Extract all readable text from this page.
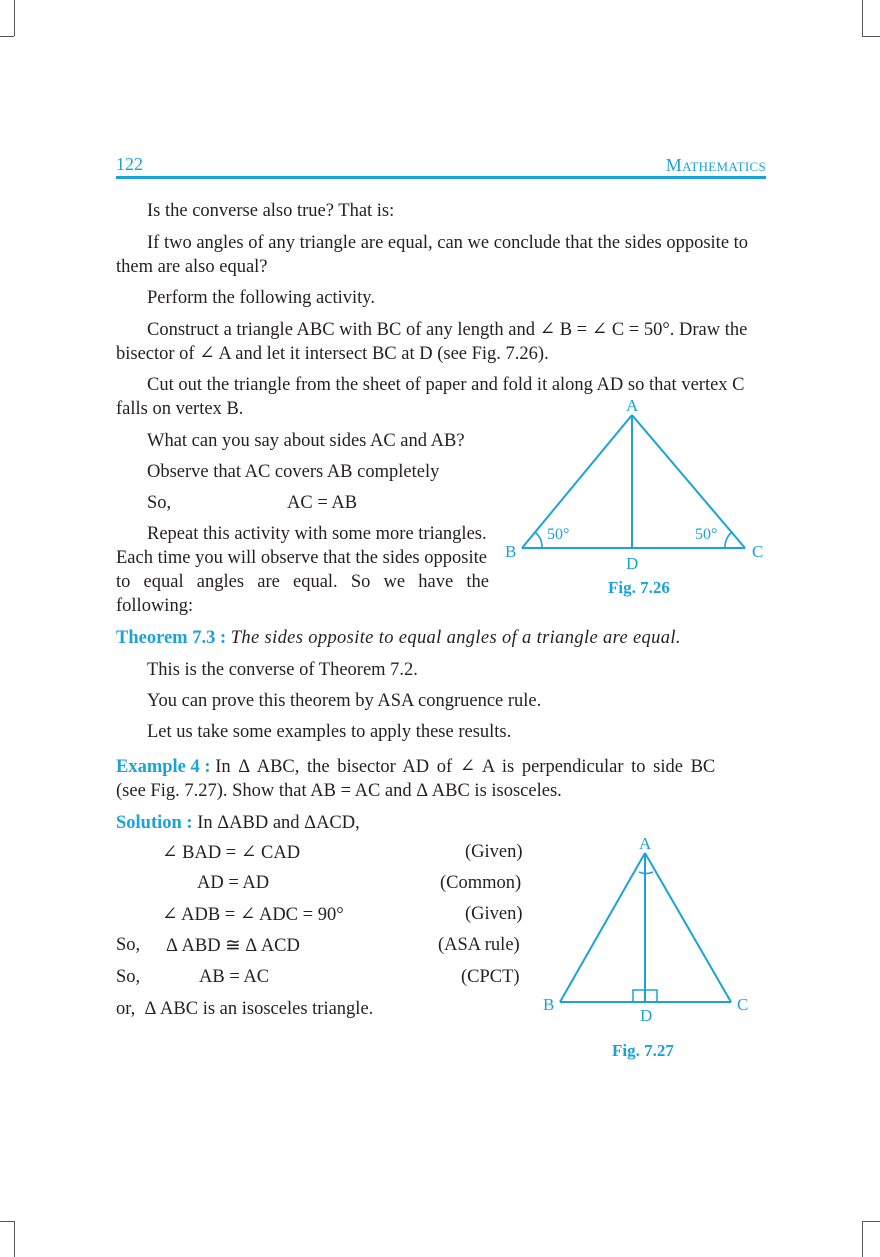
122	Mathematics
Is the converse also true? That is:
If two angles of any triangle are equal, can we conclude that the sides opposite to
them are also equal?
Perform the following activity.
Construct a triangle ABC with BC of any length and ∠ B = ∠ C = 50°. Draw the
bisector of ∠ A and let it intersect BC at D (see Fig. 7.26).
Cut out the triangle from the sheet of paper and fold it along AD so that vertex C
falls on vertex B.
What can you say about sides AC and AB?
Observe that AC covers AB completely
So,	AC = AB
Repeat this activity with some more triangles.
Each time you will observe that the sides opposite
to equal angles are equal. So we have the
following:
A
B	C
D
50°	50°
Fig. 7.26
Theorem 7.3 : The sides opposite to equal angles of a triangle are equal.
This is the converse of Theorem 7.2.
You can prove this theorem by ASA congruence rule.
Let us take some examples to apply these results.
Example 4 : In Δ ABC, the bisector AD of ∠ A is perpendicular to side BC
(see Fig. 7.27). Show that AB = AC and Δ ABC is isosceles.
Solution : In ΔABD and ΔACD,
∠ BAD = ∠ CAD	(Given)
AD = AD	(Common)
∠ ADB = ∠ ADC = 90°	(Given)
So, Δ ABD ≅ Δ ACD	(ASA rule)
So,	AB = AC	(CPCT)
or,  Δ ABC is an isosceles triangle.
A
B	C
D
Fig. 7.27
